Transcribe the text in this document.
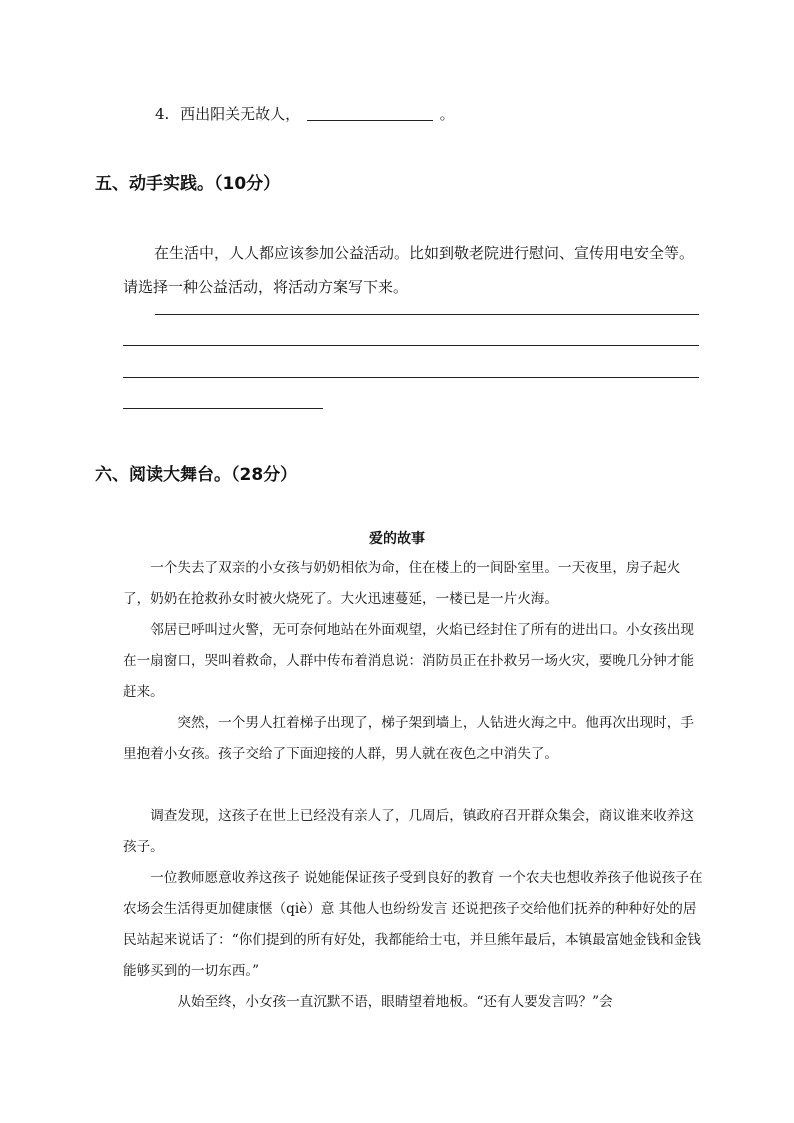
4. 西出阳关无故人，	。
五、动手实践。（10分）
在生活中，人人都应该参加公益活动。比如到敬老院进行慰问、宣传用电安全等。请选择一种公益活动，将活动方案写下来。
六、阅读大舞台。（28分）
爱的故事
一个失去了双亲的小女孩与奶奶相依为命，住在楼上的一间卧室里。一天夜里，房子起火了，奶奶在抢救孙女时被火烧死了。大火迅速蔓延，一楼已是一片火海。
邻居已呼叫过火警，无可奈何地站在外面观望，火焰已经封住了所有的进出口。小女孩出现在一扇窗口，哭叫着救命，人群中传布着消息说：消防员正在扑救另一场火灾，要晚几分钟才能赶来。
突然，一个男人扛着梯子出现了，梯子架到墙上，人钻进火海之中。他再次出现时，手里抱着小女孩。孩子交给了下面迎接的人群，男人就在夜色之中消失了。
调查发现，这孩子在世上已经没有亲人了，几周后，镇政府召开群众集会，商议谁来收养这孩子。
一位教师愿意收养这孩子 说她能保证孩子受到良好的教育 一个农夫也想收养孩子他说孩子在农场会生活得更加健康惬（qiè）意 其他人也纷纷发言 还说把孩子交给他们抚养的种种好处的居民站起来说话了：“你们提到的所有好处，我都能给士屯，并旦熊年最后，本镇最富她金钱和金钱能够买到的一切东西。”
从始至终，小女孩一直沉默不语，眼睛望着地板。“还有人要发言吗？”会
